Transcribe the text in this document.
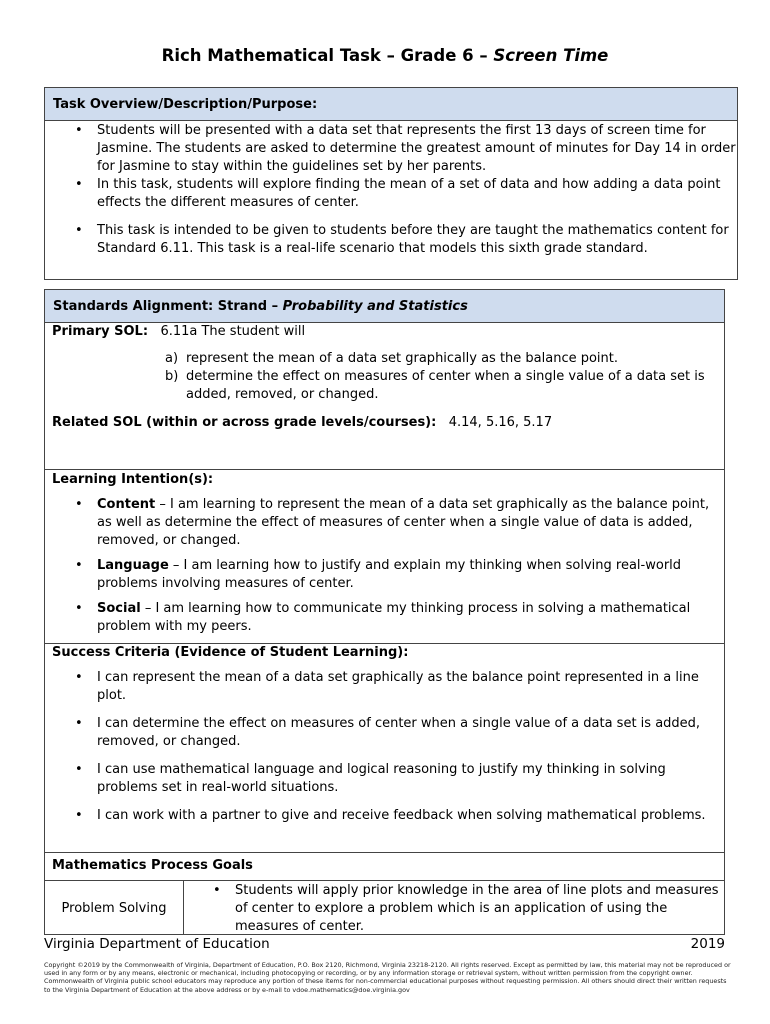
Rich Mathematical Task – Grade 6 – Screen Time
Task Overview/Description/Purpose:
• Students will be presented with a data set that represents the first 13 days of screen time for Jasmine. The students are asked to determine the greatest amount of minutes for Day 14 in order for Jasmine to stay within the guidelines set by her parents.
• In this task, students will explore finding the mean of a set of data and how adding a data point effects the different measures of center.
• This task is intended to be given to students before they are taught the mathematics content for Standard 6.11. This task is a real-life scenario that models this sixth grade standard.
Standards Alignment: Strand –
Probability and Statistics
Primary SOL: 6.11a The student will
a) represent the mean of a data set graphically as the balance point.
b) determine the effect on measures of center when a single value of a data set is added, removed, or changed.
Related SOL (within or across grade levels/courses): 4.14, 5.16, 5.17
Learning Intention(s):
• Content – I am learning to represent the mean of a data set graphically as the balance point, as well as determine the effect of measures of center when a single value of data is added, removed, or changed.
• Language – I am learning how to justify and explain my thinking when solving real-world problems involving measures of center.
• Social – I am learning how to communicate my thinking process in solving a mathematical problem with my peers.
Success Criteria (Evidence of Student Learning):
• I can represent the mean of a data set graphically as the balance point represented in a line plot.
• I can determine the effect on measures of center when a single value of a data set is added, removed, or changed.
• I can use mathematical language and logical reasoning to justify my thinking in solving problems set in real-world situations.
• I can work with a partner to give and receive feedback when solving mathematical problems.
Mathematics Process Goals
Problem Solving
• Students will apply prior knowledge in the area of line plots and measures of center to explore a problem which is an application of using the measures of center.
Virginia Department of Education	2019
Copyright ©2019 by the Commonwealth of Virginia, Department of Education, P.O. Box 2120, Richmond, Virginia 23218-2120. All rights reserved. Except as permitted by law, this material may not be reproduced or used in any form or by any means, electronic or mechanical, including photocopying or recording, or by any information storage or retrieval system, without written permission from the copyright owner. Commonwealth of Virginia public school educators may reproduce any portion of these items for non-commercial educational purposes without requesting permission. All others should direct their written requests to the Virginia Department of Education at the above address or by e-mail to vdoe.mathematics@doe.virginia.gov
